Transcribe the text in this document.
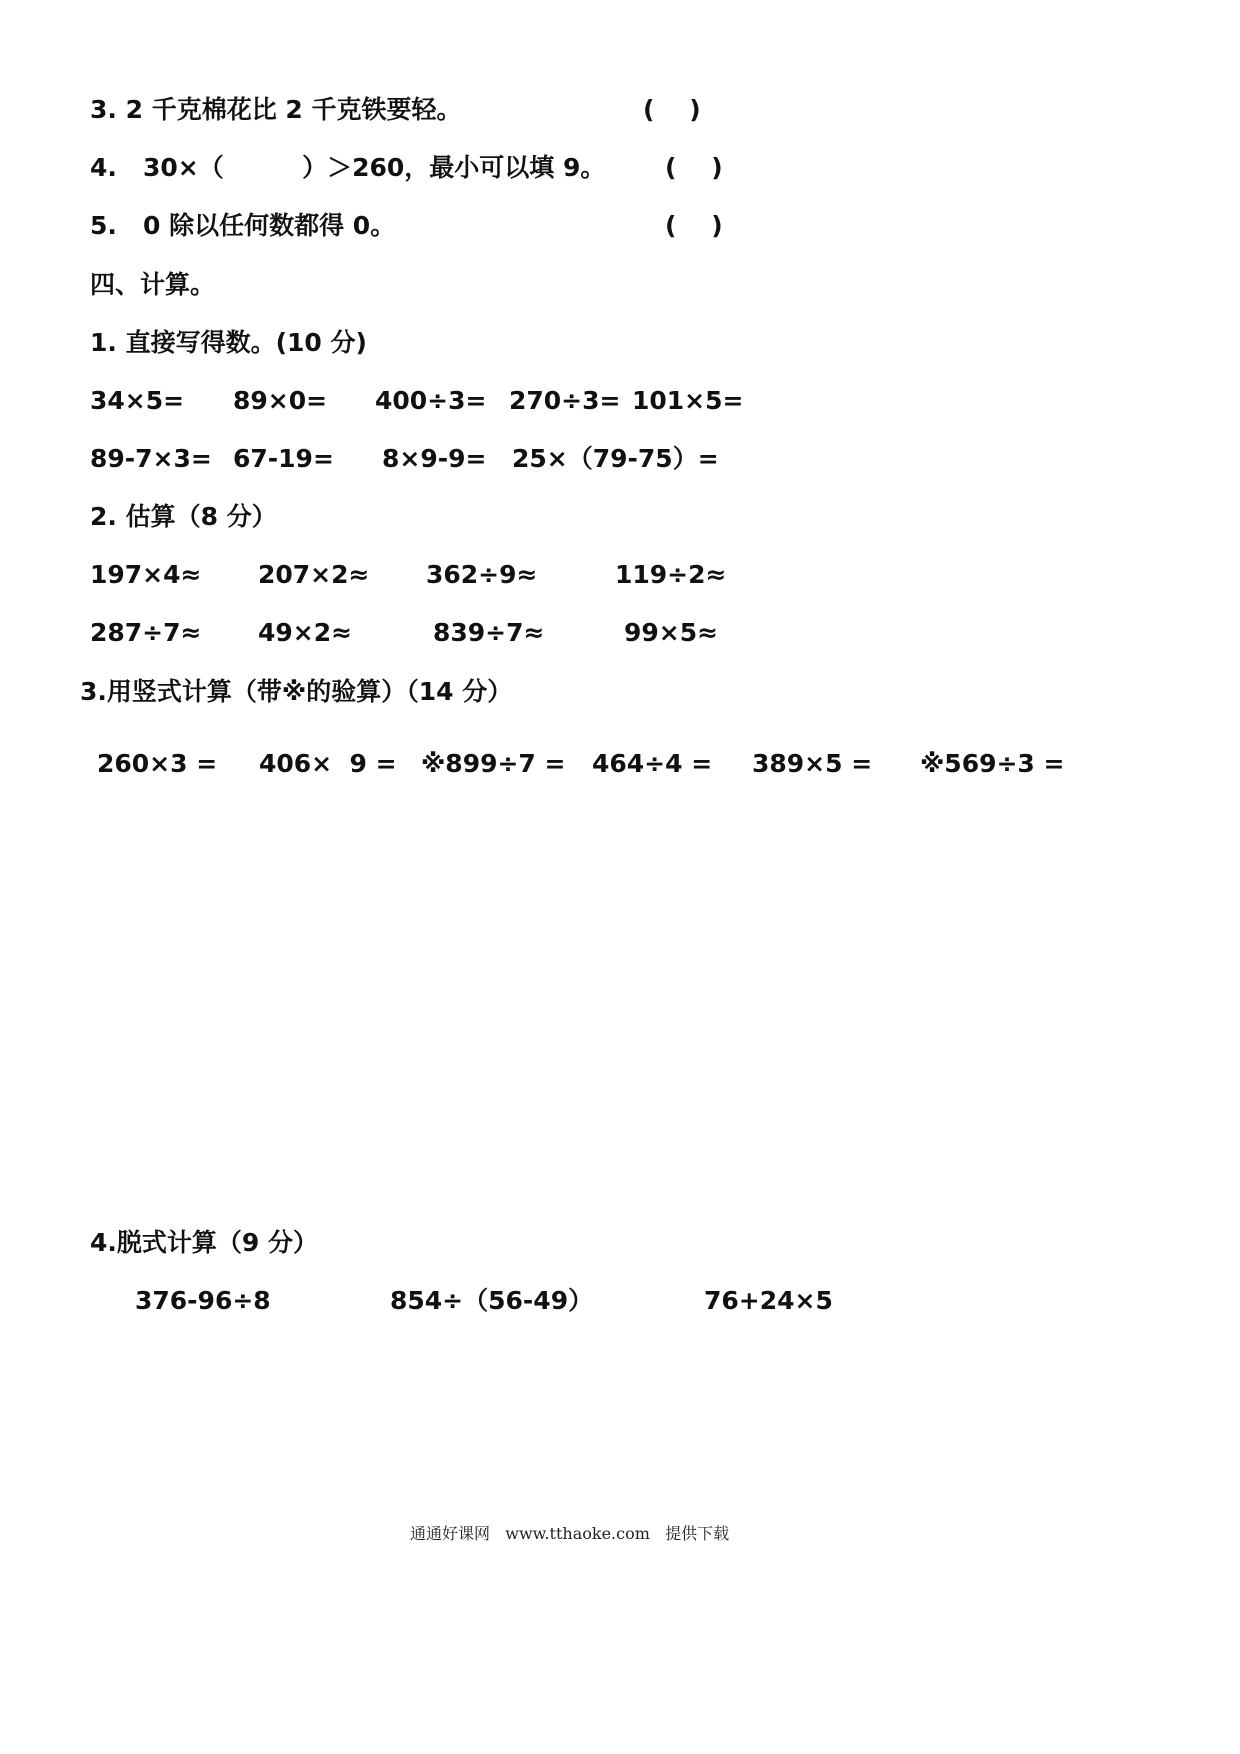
3. 2 千克棉花比 2 千克铁要轻。	(    )
4.   30×（         ）＞260，最小可以填 9。 (    )
5.   0 除以任何数都得 0。	(    )
四、计算。
1. 直接写得数。(10 分)
34×5= 89×0= 400÷3= 270÷3= 101×5=
89-7×3= 67-19= 8×9-9= 25×（79-75）=
2. 估算（8 分）
197×4≈ 207×2≈ 362÷9≈	119÷2≈
287÷7≈ 49×2≈	839÷7≈	99×5≈
3.用竖式计算（带※的验算）（14 分）
260×3 = 406×  9 = ※899÷7 = 464÷4 = 389×5 = ※569÷3 =
4.脱式计算（9 分）
376-96÷8	854÷（56-49）	76+24×5
通通好课网   www.tthaoke.com   提供下载
